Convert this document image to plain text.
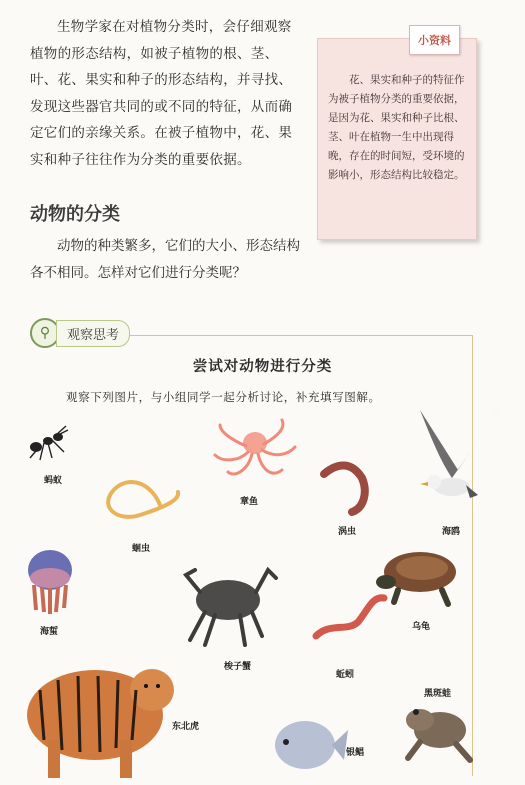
生物学家在对植物分类时，会仔细观察植物的形态结构，如被子植物的根、茎、叶、花、果实和种子的形态结构，并寻找、发现这些器官共同的或不同的特征，从而确定它们的亲缘关系。在被子植物中，花、果实和种子往往作为分类的重要依据。
动物的分类
动物的种类繁多，它们的大小、形态结构各不相同。怎样对它们进行分类呢？
小资料
花、果实和种子的特征作为被子植物分类的重要依据，是因为花、果实和种子比根、茎、叶在植物一生中出现得晚，存在的时间短，受环境的影响小，形态结构比较稳定。
⚲	观察思考
尝试对动物进行分类
观察下列图片，与小组同学一起分析讨论，补充填写图解。
蚂蚁
蛔虫
章鱼
涡虫	海鸥
海蜇
梭子蟹
乌龟
蚯蚓
东北虎
银鲳
黑斑蛙
